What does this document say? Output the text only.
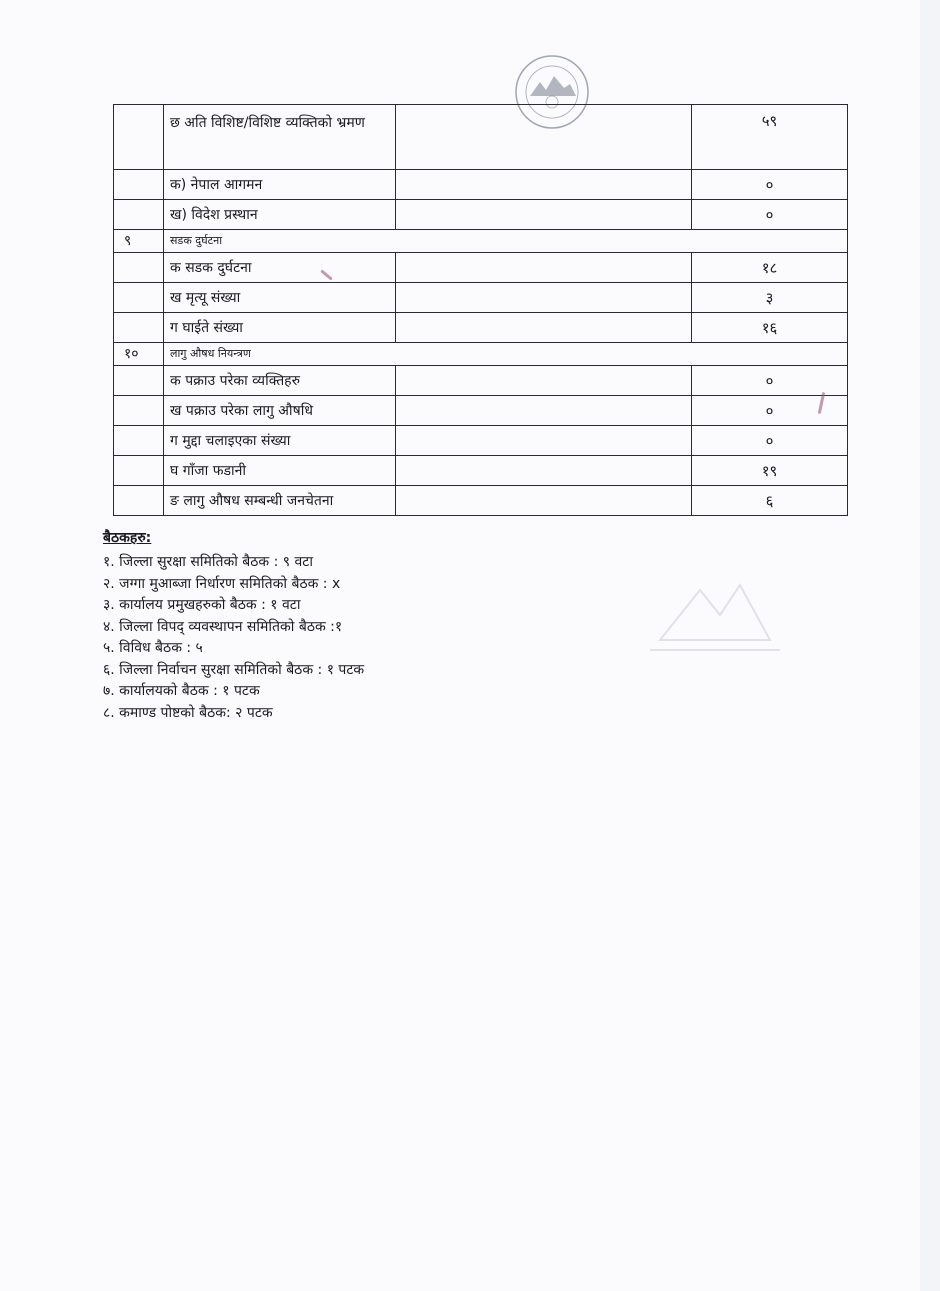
	छ अति विशिष्ट/विशिष्ट व्यक्तिको भ्रमण		५९
	क) नेपाल आगमन		०
	ख) विदेश प्रस्थान		०
९	सडक दुर्घटना		
	क सडक दुर्घटना		१८
	ख मृत्यू संख्या		३
	ग घाईते संख्या		१६
१०	लागु औषध नियन्त्रण		
	क पक्राउ परेका व्यक्तिहरु		०
	ख पक्राउ परेका लागु औषधि		०
	ग मुद्दा चलाइएका संख्या		०
	घ गाँजा फडानी		१९
	ङ लागु औषध सम्बन्धी जनचेतना		६
बैठकहरु:
१. जिल्ला सुरक्षा समितिको बैठक : ९ वटा
२. जग्गा मुआब्जा निर्धारण समितिको बैठक : x
३. कार्यालय प्रमुखहरुको बैठक : १ वटा
४. जिल्ला विपद् व्यवस्थापन समितिको बैठक :१
५. विविध बैठक : ५
६. जिल्ला निर्वाचन सुरक्षा समितिको बैठक : १ पटक
७. कार्यालयको बैठक : १ पटक
८. कमाण्ड पोष्टको बैठक: २ पटक
